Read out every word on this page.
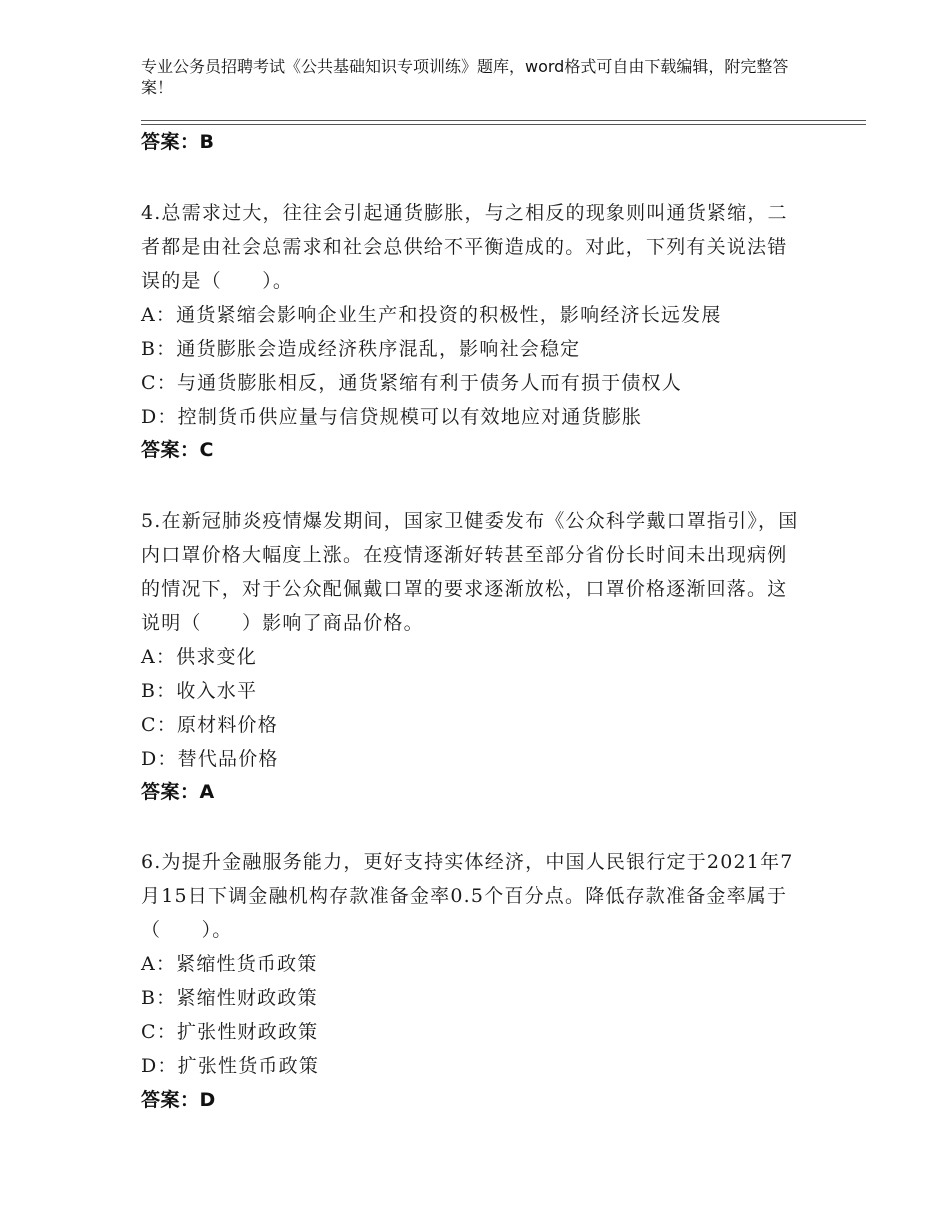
专业公务员招聘考试《公共基础知识专项训练》题库，word格式可自由下载编辑，附完整答案！
答案：B

4.总需求过大，往往会引起通货膨胀，与之相反的现象则叫通货紧缩，二者都是由社会总需求和社会总供给不平衡造成的。对此，下列有关说法错误的是（　　）。

A：通货紧缩会影响企业生产和投资的积极性，影响经济长远发展

B：通货膨胀会造成经济秩序混乱，影响社会稳定

C：与通货膨胀相反，通货紧缩有利于债务人而有损于债权人

D：控制货币供应量与信贷规模可以有效地应对通货膨胀

答案：C

5.在新冠肺炎疫情爆发期间，国家卫健委发布《公众科学戴口罩指引》，国内口罩价格大幅度上涨。在疫情逐渐好转甚至部分省份长时间未出现病例的情况下，对于公众配佩戴口罩的要求逐渐放松，口罩价格逐渐回落。这说明（　　）影响了商品价格。

A：供求变化

B：收入水平

C：原材料价格

D：替代品价格

答案：A

6.为提升金融服务能力，更好支持实体经济，中国人民银行定于2021年7月15日下调金融机构存款准备金率0.5个百分点。降低存款准备金率属于（　　）。

A：紧缩性货币政策

B：紧缩性财政政策

C：扩张性财政政策

D：扩张性货币政策

答案：D
